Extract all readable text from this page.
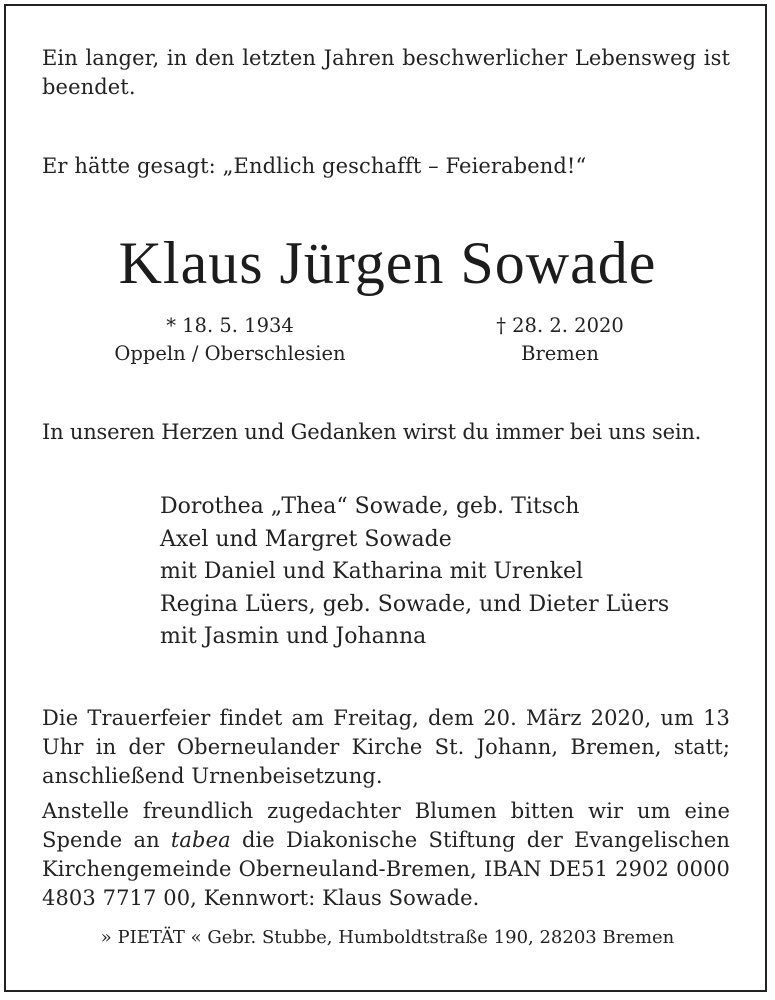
Ein langer, in den letzten Jahren beschwerlicher Lebensweg ist beendet.

Er hätte gesagt: „Endlich geschafft – Feierabend!“

Klaus Jürgen Sowade
* 18. 5. 1934
Oppeln / Oberschlesien
† 28. 2. 2020
Bremen

In unseren Herzen und Gedanken wirst du immer bei uns sein.

Dorothea „Thea“ Sowade, geb. Titsch
Axel und Margret Sowade
mit Daniel und Katharina mit Urenkel
Regina Lüers, geb. Sowade, und Dieter Lüers
mit Jasmin und Johanna

Die Trauerfeier findet am Freitag, dem 20. März 2020, um 13 Uhr in der Oberneulander Kirche St. Johann, Bremen, statt; anschließend Urnenbeisetzung.

Anstelle freundlich zugedachter Blumen bitten wir um eine Spende an tabea die Diakonische Stiftung der Evangelischen Kirchengemeinde Oberneuland-Bremen, IBAN DE51 2902 0000 4803 7717 00, Kennwort: Klaus Sowade.

» PIETÄT « Gebr. Stubbe, Humboldtstraße 190, 28203 Bremen
